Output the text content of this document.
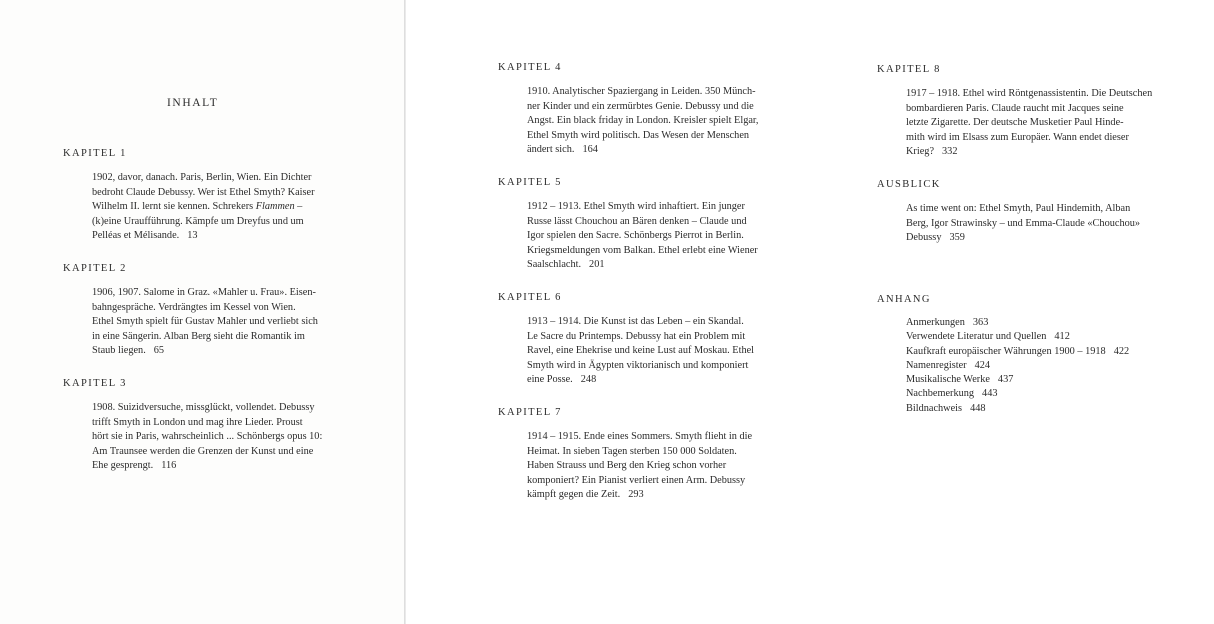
INHALT
KAPITEL 1
1902, davor, danach. Paris, Berlin, Wien. Ein Dichter
bedroht Claude Debussy. Wer ist Ethel Smyth? Kaiser
Wilhelm II. lernt sie kennen. Schrekers Flammen –
(k)eine Uraufführung. Kämpfe um Dreyfus und um
Pelléas et Mélisande. 13
KAPITEL 2
1906, 1907. Salome in Graz. «Mahler u. Frau». Eisen-
bahngespräche. Verdrängtes im Kessel von Wien.
Ethel Smyth spielt für Gustav Mahler und verliebt sich
in eine Sängerin. Alban Berg sieht die Romantik im
Staub liegen. 65
KAPITEL 3
1908. Suizidversuche, missglückt, vollendet. Debussy
trifft Smyth in London und mag ihre Lieder. Proust
hört sie in Paris, wahrscheinlich ... Schönbergs opus 10:
Am Traunsee werden die Grenzen der Kunst und eine
Ehe gesprengt. 116
KAPITEL 4
1910. Analytischer Spaziergang in Leiden. 350 Münch-
ner Kinder und ein zermürbtes Genie. Debussy und die
Angst. Ein black friday in London. Kreisler spielt Elgar,
Ethel Smyth wird politisch. Das Wesen der Menschen
ändert sich. 164
KAPITEL 5
1912 – 1913. Ethel Smyth wird inhaftiert. Ein junger
Russe lässt Chouchou an Bären denken – Claude und
Igor spielen den Sacre. Schönbergs Pierrot in Berlin.
Kriegsmeldungen vom Balkan. Ethel erlebt eine Wiener
Saalschlacht. 201
KAPITEL 6
1913 – 1914. Die Kunst ist das Leben – ein Skandal.
Le Sacre du Printemps. Debussy hat ein Problem mit
Ravel, eine Ehekrise und keine Lust auf Moskau. Ethel
Smyth wird in Ägypten viktorianisch und komponiert
eine Posse. 248
KAPITEL 7
1914 – 1915. Ende eines Sommers. Smyth flieht in die
Heimat. In sieben Tagen sterben 150 000 Soldaten.
Haben Strauss und Berg den Krieg schon vorher
komponiert? Ein Pianist verliert einen Arm. Debussy
kämpft gegen die Zeit. 293
KAPITEL 8
1917 – 1918. Ethel wird Röntgenassistentin. Die Deutschen
bombardieren Paris. Claude raucht mit Jacques seine
letzte Zigarette. Der deutsche Musketier Paul Hinde-
mith wird im Elsass zum Europäer. Wann endet dieser
Krieg? 332
AUSBLICK
As time went on: Ethel Smyth, Paul Hindemith, Alban
Berg, Igor Strawinsky – und Emma-Claude «Chouchou»
Debussy 359
ANHANG
Anmerkungen 363
Verwendete Literatur und Quellen 412
Kaufkraft europäischer Währungen 1900 – 1918 422
Namenregister 424
Musikalische Werke 437
Nachbemerkung 443
Bildnachweis 448
